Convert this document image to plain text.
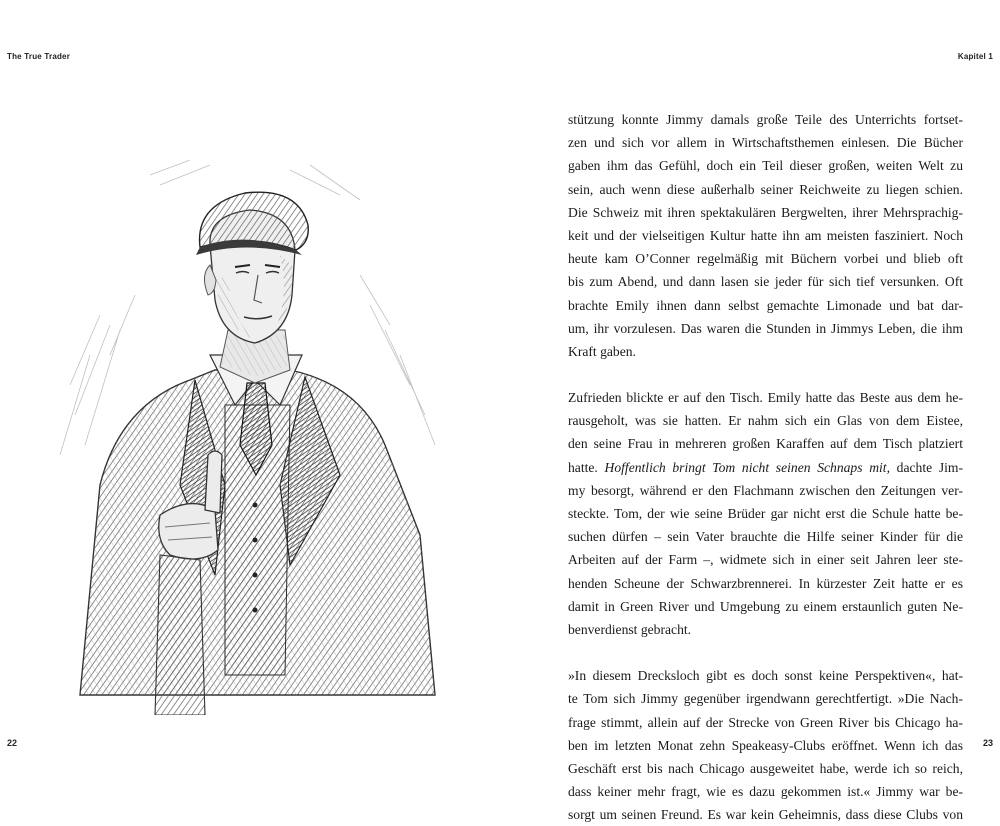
The True Trader	Kapitel 1

stützung konnte Jimmy damals große Teile des Unterrichts fortset-
zen und sich vor allem in Wirtschaftsthemen einlesen. Die Bücher
gaben ihm das Gefühl, doch ein Teil dieser großen, weiten Welt zu
sein, auch wenn diese außerhalb seiner Reichweite zu liegen schien.
Die Schweiz mit ihren spektakulären Bergwelten, ihrer Mehrsprachig-
keit und der vielseitigen Kultur hatte ihn am meisten fasziniert. Noch
heute kam O’Conner regelmäßig mit Büchern vorbei und blieb oft
bis zum Abend, und dann lasen sie jeder für sich tief versunken. Oft
brachte Emily ihnen dann selbst gemachte Limonade und bat dar-
um, ihr vorzulesen. Das waren die Stunden in Jimmys Leben, die ihm
Kraft gaben.

Zufrieden blickte er auf den Tisch. Emily hatte das Beste aus dem he-
rausgeholt, was sie hatten. Er nahm sich ein Glas von dem Eistee,
den seine Frau in mehreren großen Karaffen auf dem Tisch platziert
hatte. Hoffentlich bringt Tom nicht seinen Schnaps mit, dachte Jim-
my besorgt, während er den Flachmann zwischen den Zeitungen ver-
steckte. Tom, der wie seine Brüder gar nicht erst die Schule hatte be-
suchen dürfen – sein Vater brauchte die Hilfe seiner Kinder für die
Arbeiten auf der Farm –, widmete sich in einer seit Jahren leer ste-
henden Scheune der Schwarzbrennerei. In kürzester Zeit hatte er es
damit in Green River und Umgebung zu einem erstaunlich guten Ne-
benverdienst gebracht.

»In diesem Drecksloch gibt es doch sonst keine Perspektiven«, hat-
te Tom sich Jimmy gegenüber irgendwann gerechtfertigt. »Die Nach-
frage stimmt, allein auf der Strecke von Green River bis Chicago ha-
ben im letzten Monat zehn Speakeasy-Clubs eröffnet. Wenn ich das
Geschäft erst bis nach Chicago ausgeweitet habe, werde ich so reich,
dass keiner mehr fragt, wie es dazu gekommen ist.« Jimmy war be-
sorgt um seinen Freund. Es war kein Geheimnis, dass diese Clubs von

22	23
